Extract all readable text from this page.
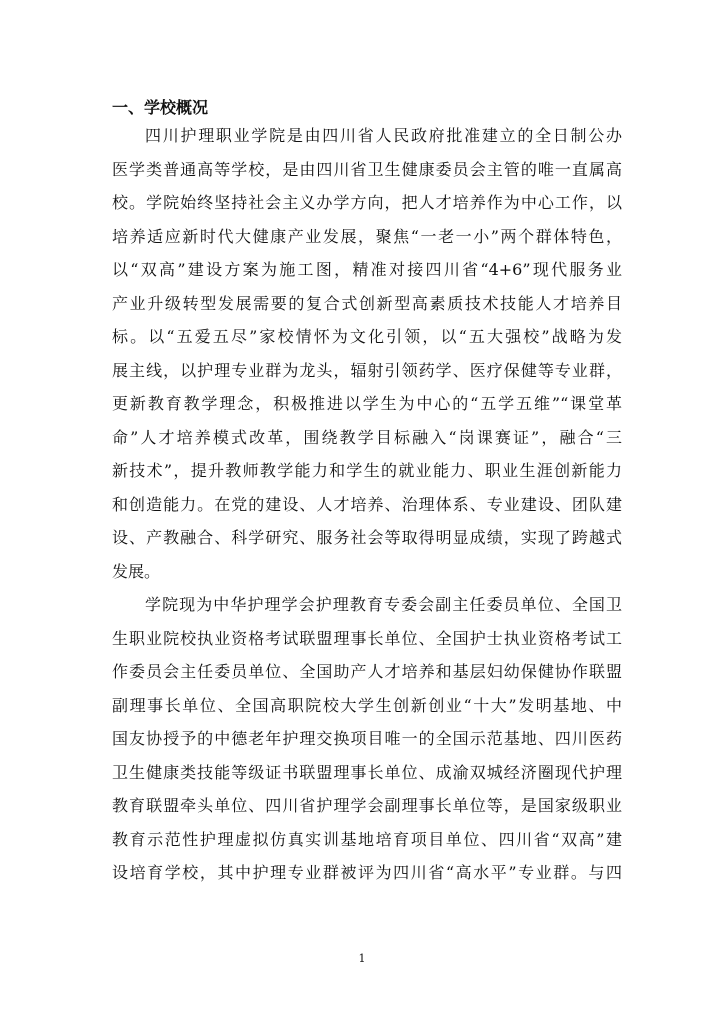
一、学校概况
四川护理职业学院是由四川省人民政府批准建立的全日制公办
医学类普通高等学校，是由四川省卫生健康委员会主管的唯一直属高
校。学院始终坚持社会主义办学方向，把人才培养作为中心工作，以
培养适应新时代大健康产业发展，聚焦“一老一小”两个群体特色，
以“双高”建设方案为施工图，精准对接四川省“4+6”现代服务业
产业升级转型发展需要的复合式创新型高素质技术技能人才培养目
标。以“五爱五尽”家校情怀为文化引领，以“五大强校”战略为发
展主线，以护理专业群为龙头，辐射引领药学、医疗保健等专业群，
更新教育教学理念，积极推进以学生为中心的“五学五维”“课堂革
命”人才培养模式改革，围绕教学目标融入“岗课赛证”，融合“三
新技术”，提升教师教学能力和学生的就业能力、职业生涯创新能力
和创造能力。在党的建设、人才培养、治理体系、专业建设、团队建
设、产教融合、科学研究、服务社会等取得明显成绩，实现了跨越式
发展。
学院现为中华护理学会护理教育专委会副主任委员单位、全国卫
生职业院校执业资格考试联盟理事长单位、全国护士执业资格考试工
作委员会主任委员单位、全国助产人才培养和基层妇幼保健协作联盟
副理事长单位、全国高职院校大学生创新创业“十大”发明基地、中
国友协授予的中德老年护理交换项目唯一的全国示范基地、四川医药
卫生健康类技能等级证书联盟理事长单位、成渝双城经济圈现代护理
教育联盟牵头单位、四川省护理学会副理事长单位等，是国家级职业
教育示范性护理虚拟仿真实训基地培育项目单位、四川省“双高”建
设培育学校，其中护理专业群被评为四川省“高水平”专业群。与四
1
